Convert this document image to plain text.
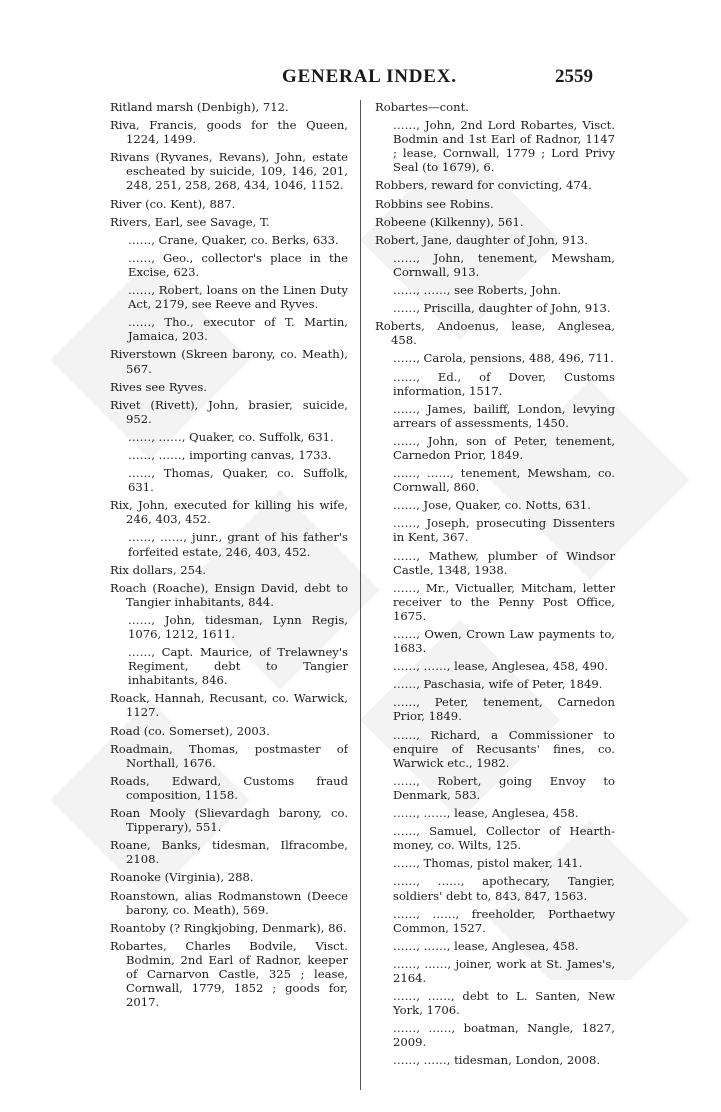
GENERAL INDEX.	2559

Ritland marsh (Denbigh), 712.

Riva, Francis, goods for the Queen, 1224, 1499.

Rivans (Ryvanes, Revans), John, estate escheated by suicide, 109, 146, 201, 248, 251, 258, 268, 434, 1046, 1152.

River (co. Kent), 887.

Rivers, Earl, see Savage, T.

……, Crane, Quaker, co. Berks, 633.

……, Geo., collector's place in the Excise, 623.

……, Robert, loans on the Linen Duty Act, 2179, see Reeve and Ryves.

……, Tho., executor of T. Martin, Jamaica, 203.

Riverstown (Skreen barony, co. Meath), 567.

Rives see Ryves.

Rivet (Rivett), John, brasier, suicide, 952.

……, ……, Quaker, co. Suffolk, 631.

……, ……, importing canvas, 1733.

……, Thomas, Quaker, co. Suffolk, 631.

Rix, John, executed for killing his wife, 246, 403, 452.

……, ……, junr., grant of his father's forfeited estate, 246, 403, 452.

Rix dollars, 254.

Roach (Roache), Ensign David, debt to Tangier inhabitants, 844.

……, John, tidesman, Lynn Regis, 1076, 1212, 1611.

……, Capt. Maurice, of Trelawney's Regiment, debt to Tangier inhabitants, 846.

Roack, Hannah, Recusant, co. Warwick, 1127.

Road (co. Somerset), 2003.

Roadmain, Thomas, postmaster of Northall, 1676.

Roads, Edward, Customs fraud composition, 1158.

Roan Mooly (Slievardagh barony, co. Tipperary), 551.

Roane, Banks, tidesman, Ilfracombe, 2108.

Roanoke (Virginia), 288.

Roanstown, alias Rodmanstown (Deece barony, co. Meath), 569.

Roantoby (? Ringkjobing, Denmark), 86.

Robartes, Charles Bodvile, Visct. Bodmin, 2nd Earl of Radnor, keeper of Carnarvon Castle, 325 ; lease, Cornwall, 1779, 1852 ; goods for, 2017.

Robartes—cont.

……, John, 2nd Lord Robartes, Visct. Bodmin and 1st Earl of Radnor, 1147 ; lease, Cornwall, 1779 ; Lord Privy Seal (to 1679), 6.

Robbers, reward for convicting, 474.

Robbins see Robins.

Robeene (Kilkenny), 561.

Robert, Jane, daughter of John, 913.

……, John, tenement, Mewsham, Cornwall, 913.

……, ……, see Roberts, John.

……, Priscilla, daughter of John, 913.

Roberts, Andoenus, lease, Anglesea, 458.

……, Carola, pensions, 488, 496, 711.

……, Ed., of Dover, Customs information, 1517.

……, James, bailiff, London, levying arrears of assessments, 1450.

……, John, son of Peter, tenement, Carnedon Prior, 1849.

……, ……, tenement, Mewsham, co. Cornwall, 860.

……, Jose, Quaker, co. Notts, 631.

……, Joseph, prosecuting Dissenters in Kent, 367.

……, Mathew, plumber of Windsor Castle, 1348, 1938.

……, Mr., Victualler, Mitcham, letter receiver to the Penny Post Office, 1675.

……, Owen, Crown Law payments to, 1683.

……, ……, lease, Anglesea, 458, 490.

……, Paschasia, wife of Peter, 1849.

……, Peter, tenement, Carnedon Prior, 1849.

……, Richard, a Commissioner to enquire of Recusants' fines, co. Warwick etc., 1982.

……, Robert, going Envoy to Denmark, 583.

……, ……, lease, Anglesea, 458.

……, Samuel, Collector of Hearth-money, co. Wilts, 125.

……, Thomas, pistol maker, 141.

……, ……, apothecary, Tangier, soldiers' debt to, 843, 847, 1563.

……, ……, freeholder, Porthaetwy Common, 1527.

……, ……, lease, Anglesea, 458.

……, ……, joiner, work at St. James's, 2164.

……, ……, debt to L. Santen, New York, 1706.

……, ……, boatman, Nangle, 1827, 2009.

……, ……, tidesman, London, 2008.
